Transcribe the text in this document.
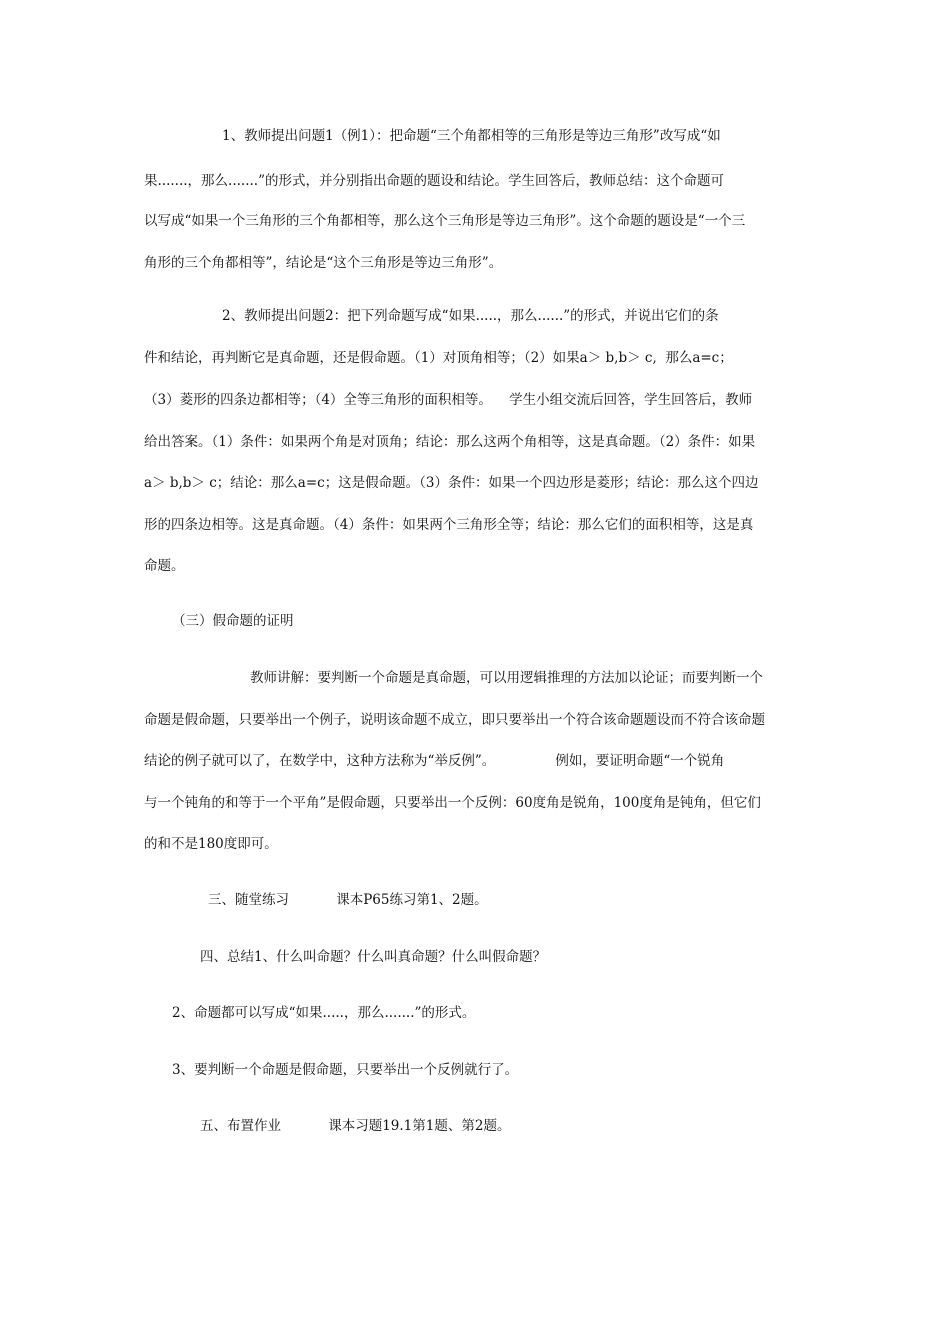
1、教师提出问题1（例1）：把命题“三个角都相等的三角形是等边三角形”改写成“如

果.......，那么.......”的形式，并分别指出命题的题设和结论。学生回答后，教师总结：这个命题可

以写成“如果一个三角形的三个角都相等，那么这个三角形是等边三角形”。这个命题的题设是“一个三

角形的三个角都相等”，结论是“这个三角形是等边三角形”。

2、教师提出问题2：把下列命题写成“如果.....，那么......”的形式，并说出它们的条

件和结论，再判断它是真命题，还是假命题。（1）对顶角相等；（2）如果a＞ b,b＞ c,  那么a=c；

（3）菱形的四条边都相等；（4）全等三角形的面积相等。    学生小组交流后回答，学生回答后，教师

给出答案。（1）条件：如果两个角是对顶角；结论：那么这两个角相等，这是真命题。（2）条件：如果

a＞ b,b＞ c；结论：那么a=c；这是假命题。（3）条件：如果一个四边形是菱形；结论：那么这个四边

形的四条边相等。这是真命题。（4）条件：如果两个三角形全等；结论：那么它们的面积相等，这是真

命题。

（三）假命题的证明

教师讲解：要判断一个命题是真命题，可以用逻辑推理的方法加以论证；而要判断一个

命题是假命题，只要举出一个例子，说明该命题不成立，即只要举出一个符合该命题题设而不符合该命题

结论的例子就可以了，在数学中，这种方法称为“举反例”。              例如，要证明命题“一个锐角

与一个钝角的和等于一个平角”是假命题，只要举出一个反例：60度角是锐角，100度角是钝角，但它们

的和不是180度即可。

三、随堂练习           课本P65练习第1、2题。

四、总结1、什么叫命题？什么叫真命题？什么叫假命题？

2、命题都可以写成“如果.....，那么.......”的形式。

3、要判断一个命题是假命题，只要举出一个反例就行了。

五、布置作业           课本习题19.1第1题、第2题。
